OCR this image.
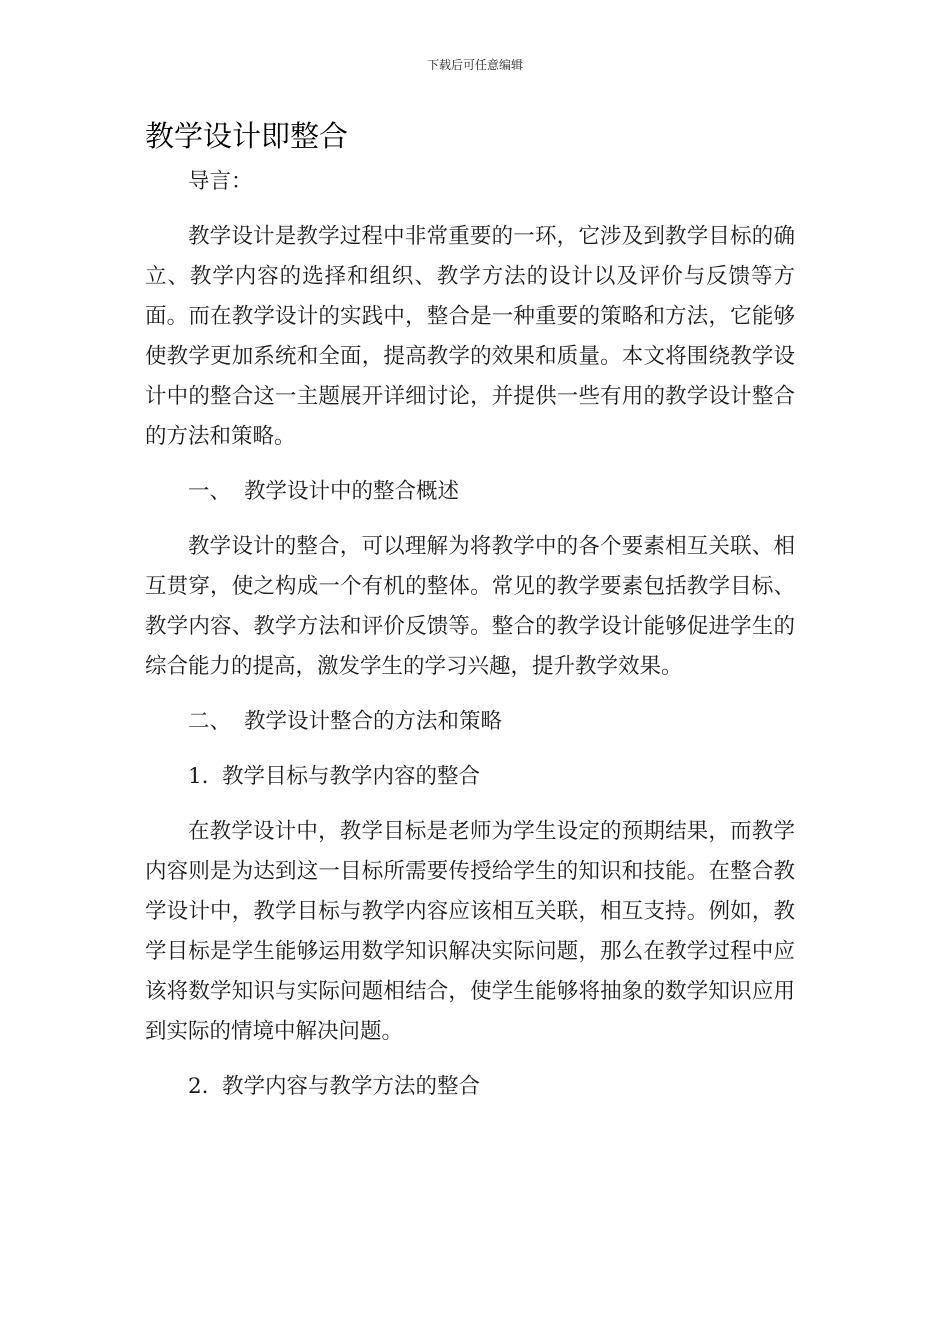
下载后可任意编辑
教学设计即整合

导言：

教学设计是教学过程中非常重要的一环，它涉及到教学目标的确立、教学内容的选择和组织、教学方法的设计以及评价与反馈等方面。而在教学设计的实践中，整合是一种重要的策略和方法，它能够使教学更加系统和全面，提高教学的效果和质量。本文将围绕教学设计中的整合这一主题展开详细讨论，并提供一些有用的教学设计整合的方法和策略。

一、 教学设计中的整合概述

教学设计的整合，可以理解为将教学中的各个要素相互关联、相互贯穿，使之构成一个有机的整体。常见的教学要素包括教学目标、教学内容、教学方法和评价反馈等。整合的教学设计能够促进学生的综合能力的提高，激发学生的学习兴趣，提升教学效果。

二、 教学设计整合的方法和策略
1. 教学目标与教学内容的整合

在教学设计中，教学目标是老师为学生设定的预期结果，而教学内容则是为达到这一目标所需要传授给学生的知识和技能。在整合教学设计中，教学目标与教学内容应该相互关联，相互支持。例如，教学目标是学生能够运用数学知识解决实际问题，那么在教学过程中应该将数学知识与实际问题相结合，使学生能够将抽象的数学知识应用到实际的情境中解决问题。

2. 教学内容与教学方法的整合
